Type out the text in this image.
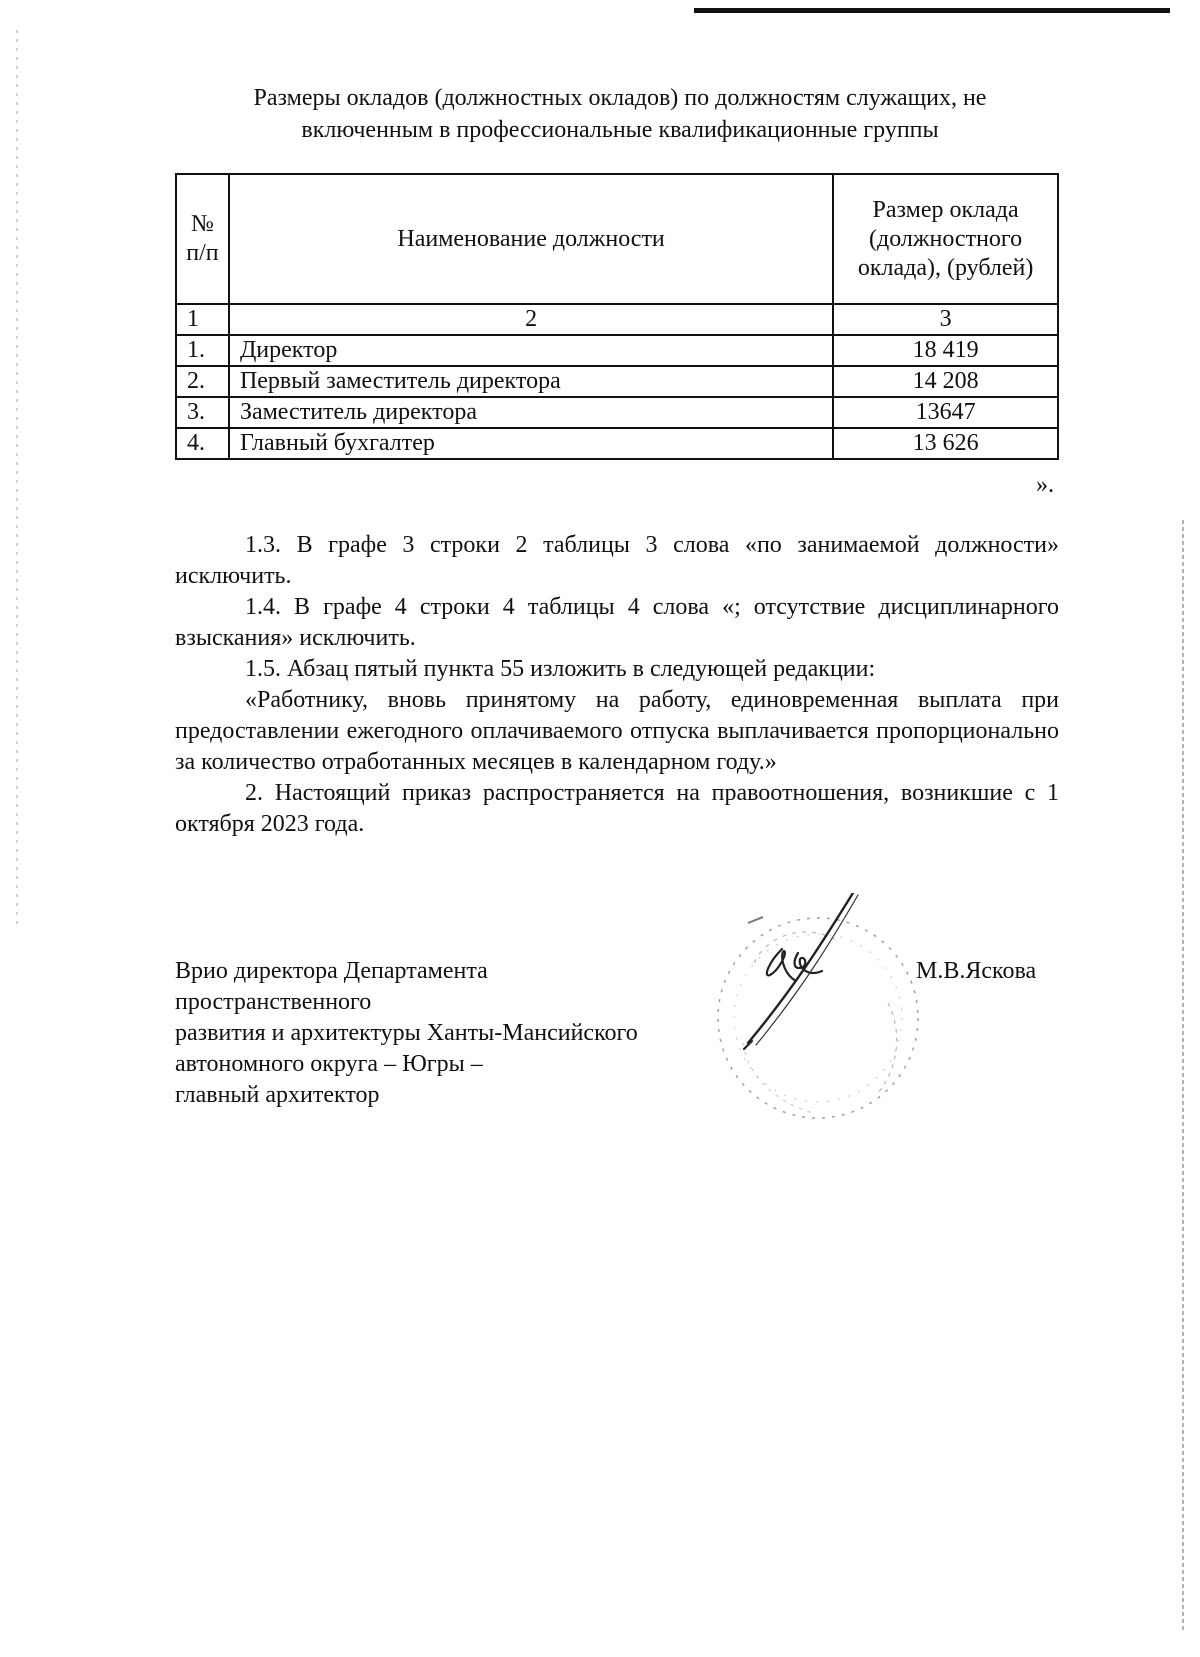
Размеры окладов (должностных окладов) по должностям служащих, не
включенным в профессиональные квалификационные группы
№ п/п	Наименование должности	Размер оклада (должностного оклада), (рублей)
1	2	3
1.	Директор	18 419
2.	Первый заместитель директора	14 208
3.	Заместитель директора	13647
4.	Главный бухгалтер	13 626
».

1.3. В графе 3 строки 2 таблицы 3 слова «по занимаемой должности» исключить.

1.4. В графе 4 строки 4 таблицы 4 слова «; отсутствие дисциплинарного взыскания» исключить.

1.5. Абзац пятый пункта 55 изложить в следующей редакции:

«Работнику, вновь принятому на работу, единовременная выплата при предоставлении ежегодного оплачиваемого отпуска выплачивается пропорционально за количество отработанных месяцев в календарном году.»

2. Настоящий приказ распространяется на правоотношения, возникшие с 1 октября 2023 года.

Врио директора Департамента
пространственного
развития и архитектуры Ханты-Мансийского
автономного округа – Югры –
главный архитектор
М.В.Яскова
